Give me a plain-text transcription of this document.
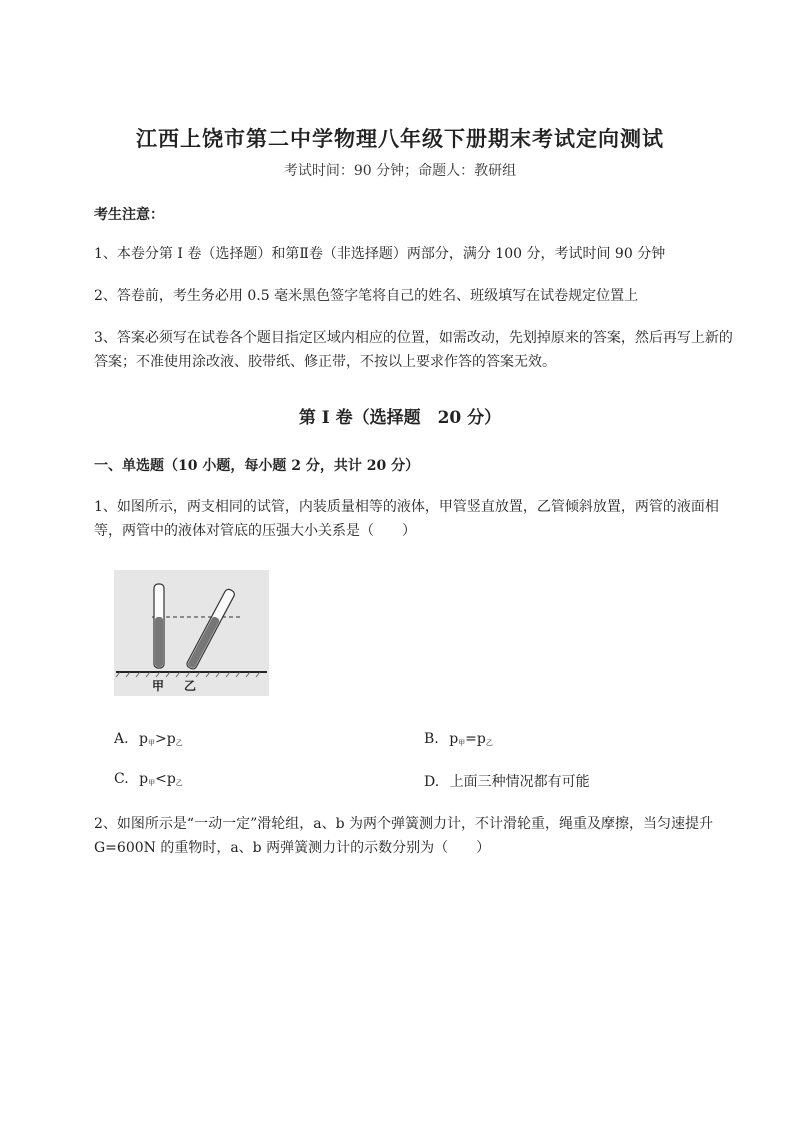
江西上饶市第二中学物理八年级下册期末考试定向测试
考试时间：90 分钟；命题人：教研组
考生注意：
1、本卷分第 I 卷（选择题）和第Ⅱ卷（非选择题）两部分，满分 100 分，考试时间 90 分钟
2、答卷前，考生务必用 0.5 毫米黑色签字笔将自己的姓名、班级填写在试卷规定位置上
3、答案必须写在试卷各个题目指定区域内相应的位置，如需改动，先划掉原来的答案，然后再写上新的答案；不准使用涂改液、胶带纸、修正带，不按以上要求作答的答案无效。
第 I 卷（选择题　20 分）
一、单选题（10 小题，每小题 2 分，共计 20 分）
1、如图所示，两支相同的试管，内装质量相等的液体，甲管竖直放置，乙管倾斜放置，两管的液面相等，两管中的液体对管底的压强大小关系是（　　）
甲 乙
A. $p_甲>p_乙$	B. $p_甲=p_乙$
C. $p_甲<p_乙$	D. 上面三种情况都有可能
2、如图所示是“一动一定”滑轮组，a、b 为两个弹簧测力计，不计滑轮重，绳重及摩擦，当匀速提升 G=600N 的重物时，a、b 两弹簧测力计的示数分别为（　　）
